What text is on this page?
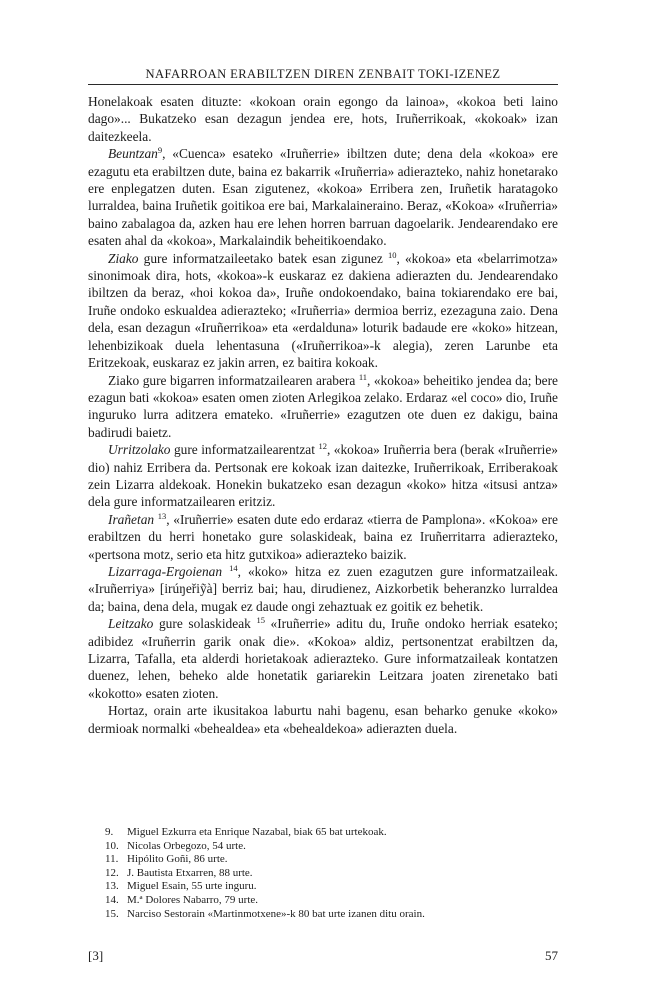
NAFARROAN ERABILTZEN DIREN ZENBAIT TOKI-IZENEZ

Honelakoak esaten dituzte: «kokoan orain egongo da lainoa», «kokoa beti laino dago»... Bukatzeko esan dezagun jendea ere, hots, Iruñerrikoak, «kokoak» izan daitezkeela.

Beuntzan$^9$, «Cuenca» esateko «Iruñerrie» ibiltzen dute; dena dela «kokoa» ere ezagutu eta erabiltzen dute, baina ez bakarrik «Iruñerria» adierazteko, nahiz honetarako ere enplegatzen duten. Esan zigutenez, «kokoa» Erribera zen, Iruñetik haratagoko lurraldea, baina Iruñetik goitikoa ere bai, Markalaineraino. Beraz, «Kokoa» «Iruñerria» baino zabalagoa da, azken hau ere lehen horren barruan dagoelarik. Jendearendako ere esaten ahal da «kokoa», Markalaindik beheitikoendako.

Ziako gure informatzaileetako batek esan zigunez $^{10}$, «kokoa» eta «belarrimotza» sinonimoak dira, hots, «kokoa»-k euskaraz ez dakiena adierazten du. Jendearendako ibiltzen da beraz, «hoi kokoa da», Iruñe ondokoendako, baina tokiarendako ere bai, Iruñe ondoko eskualdea adierazteko; «Iruñerria» dermioa berriz, ezezaguna zaio. Dena dela, esan dezagun «Iruñerrikoa» eta «erdalduna» loturik badaude ere «koko» hitzean, lehenbizikoak duela lehentasuna («Iruñerrikoa»-k alegia), zeren Larunbe eta Eritzekoak, euskaraz ez jakin arren, ez baitira kokoak.

Ziako gure bigarren informatzailearen arabera $^{11}$, «kokoa» beheitiko jendea da; bere ezagun bati «kokoa» esaten omen zioten Arlegikoa zelako. Erdaraz «el coco» dio, Iruñe inguruko lurra aditzera emateko. «Iruñerrie» ezagutzen ote duen ez dakigu, baina badirudi baietz.

Urritzolako gure informatzailearentzat $^{12}$, «kokoa» Iruñerria bera (berak «Iruñerrie» dio) nahiz Erribera da. Pertsonak ere kokoak izan daitezke, Iruñerrikoak, Erriberakoak zein Lizarra aldekoak. Honekin bukatzeko esan dezagun «koko» hitza «itsusi antza» dela gure informatzailearen eritziz.

Irañetan $^{13}$, «Iruñerrie» esaten dute edo erdaraz «tierra de Pamplona». «Kokoa» ere erabiltzen du herri honetako gure solaskideak, baina ez Iruñerritarra adierazteko, «pertsona motz, serio eta hitz gutxikoa» adierazteko baizik.

Lizarraga-Ergoienan $^{14}$, «koko» hitza ez zuen ezagutzen gure informatzaileak. «Iruñerriya» [irúŋeřiỹà] berriz bai; hau, dirudienez, Aizkorbetik beheranzko lurraldea da; baina, dena dela, mugak ez daude ongi zehaztuak ez goitik ez behetik.

Leitzako gure solaskideak $^{15}$ «Iruñerrie» aditu du, Iruñe ondoko herriak esateko; adibidez «Iruñerrin garik onak die». «Kokoa» aldiz, pertsonentzat erabiltzen da, Lizarra, Tafalla, eta alderdi horietakoak adierazteko. Gure informatzaileak kontatzen duenez, lehen, beheko alde honetatik gariarekin Leitzara joaten zirenetako bati «kokotto» esaten zioten.

Hortaz, orain arte ikusitakoa laburtu nahi bagenu, esan beharko genuke «koko» dermioak normalki «behealdea» eta «behealdekoa» adierazten duela.

9.	Miguel Ezkurra eta Enrique Nazabal, biak 65 bat urtekoak.
10. Nicolas Orbegozo, 54 urte.
11. Hipólito Goñi, 86 urte.
12. J. Bautista Etxarren, 88 urte.
13. Miguel Esain, 55 urte inguru.
14. M.ª Dolores Nabarro, 79 urte.
15. Narciso Sestorain «Martinmotxene»-k 80 bat urte izanen ditu orain.
[3]	57
